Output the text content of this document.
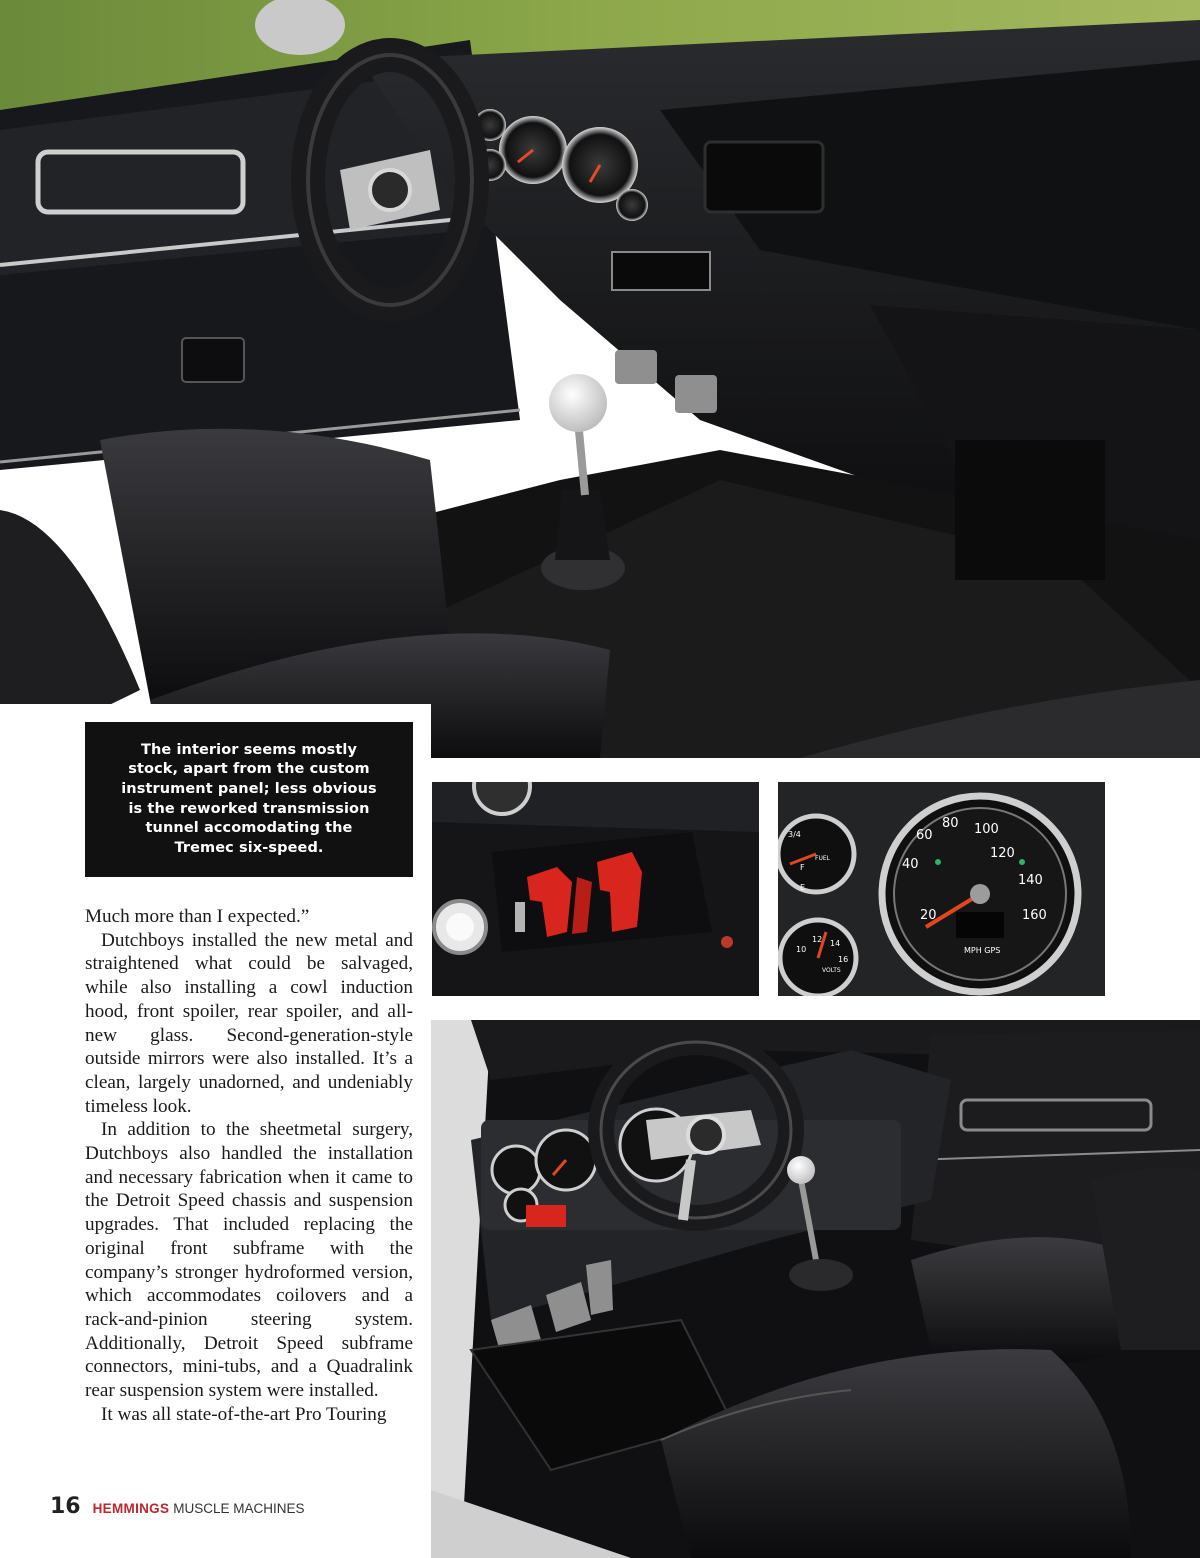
The interior seems mostly stock, apart from the custom instrument panel; less obvious is the reworked transmission tunnel accomodating the Tremec six-speed.

20
40
60
80 100
120
140
160
MPH GPS
3/4
FUEL
F
E
10
12 14
16
VOLTS

Much more than I expected.”

Dutchboys installed the new metal and straightened what could be salvaged, while also installing a cowl induction hood, front spoiler, rear spoiler, and all-new glass. Second-generation-style outside mirrors were also installed. It’s a clean, largely unadorned, and undeniably timeless look.

In addition to the sheetmetal surgery, Dutchboys also handled the installation and necessary fabrication when it came to the Detroit Speed chassis and suspension upgrades. That included replacing the original front subframe with the company’s stronger hydroformed version, which accommodates coilovers and a rack-and-pinion steering system. Additionally, Detroit Speed subframe connectors, mini-tubs, and a Quadralink rear suspension system were installed.

It was all state-of-the-art Pro Touring

16 HEMMINGS MUSCLE MACHINES
